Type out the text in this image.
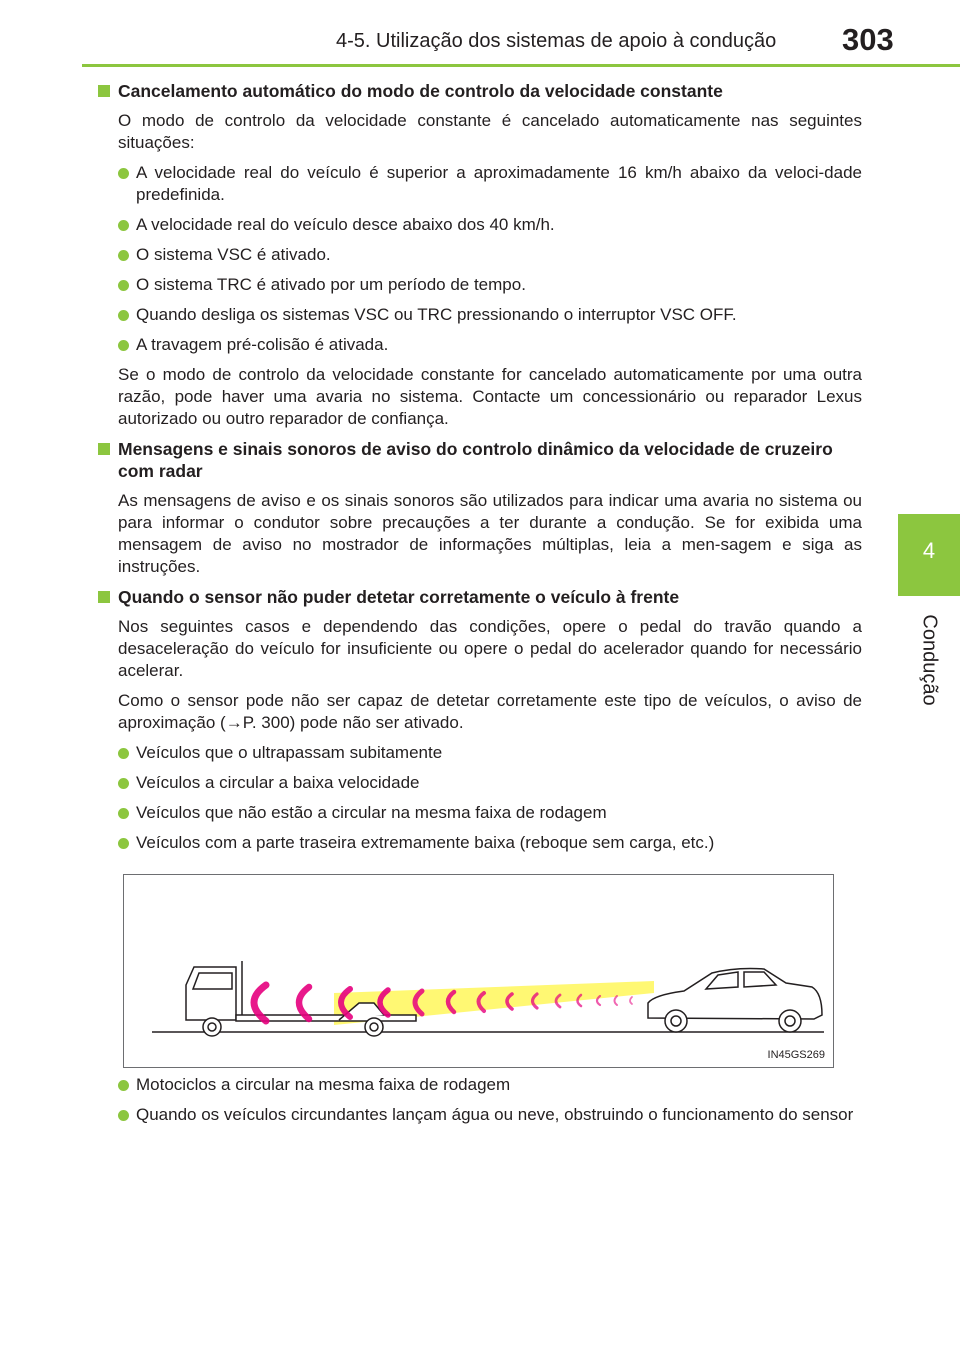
4-5. Utilização dos sistemas de apoio à condução 303
4
Condução
Cancelamento automático do modo de controlo da velocidade constante
O modo de controlo da velocidade constante é cancelado automaticamente nas seguintes situações:
A velocidade real do veículo é superior a aproximadamente 16 km/h abaixo da veloci-dade predefinida.
A velocidade real do veículo desce abaixo dos 40 km/h.
O sistema VSC é ativado.
O sistema TRC é ativado por um período de tempo.
Quando desliga os sistemas VSC ou TRC pressionando o interruptor VSC OFF.
A travagem pré-colisão é ativada.
Se o modo de controlo da velocidade constante for cancelado automaticamente por uma outra razão, pode haver uma avaria no sistema. Contacte um concessionário ou reparador Lexus autorizado ou outro reparador de confiança.
Mensagens e sinais sonoros de aviso do controlo dinâmico da velocidade de cruzeiro com radar
As mensagens de aviso e os sinais sonoros são utilizados para indicar uma avaria no sistema ou para informar o condutor sobre precauções a ter durante a condução. Se for exibida uma mensagem de aviso no mostrador de informações múltiplas, leia a men-sagem e siga as instruções.
Quando o sensor não puder detetar corretamente o veículo à frente
Nos seguintes casos e dependendo das condições, opere o pedal do travão quando a desaceleração do veículo for insuficiente ou opere o pedal do acelerador quando for necessário acelerar.
Como o sensor pode não ser capaz de detetar corretamente este tipo de veículos, o aviso de aproximação (→P. 300) pode não ser ativado.
Veículos que o ultrapassam subitamente
Veículos a circular a baixa velocidade
Veículos que não estão a circular na mesma faixa de rodagem
Veículos com a parte traseira extremamente baixa (reboque sem carga, etc.)
IN45GS269
Motociclos a circular na mesma faixa de rodagem
Quando os veículos circundantes lançam água ou neve, obstruindo o funcionamento do sensor
